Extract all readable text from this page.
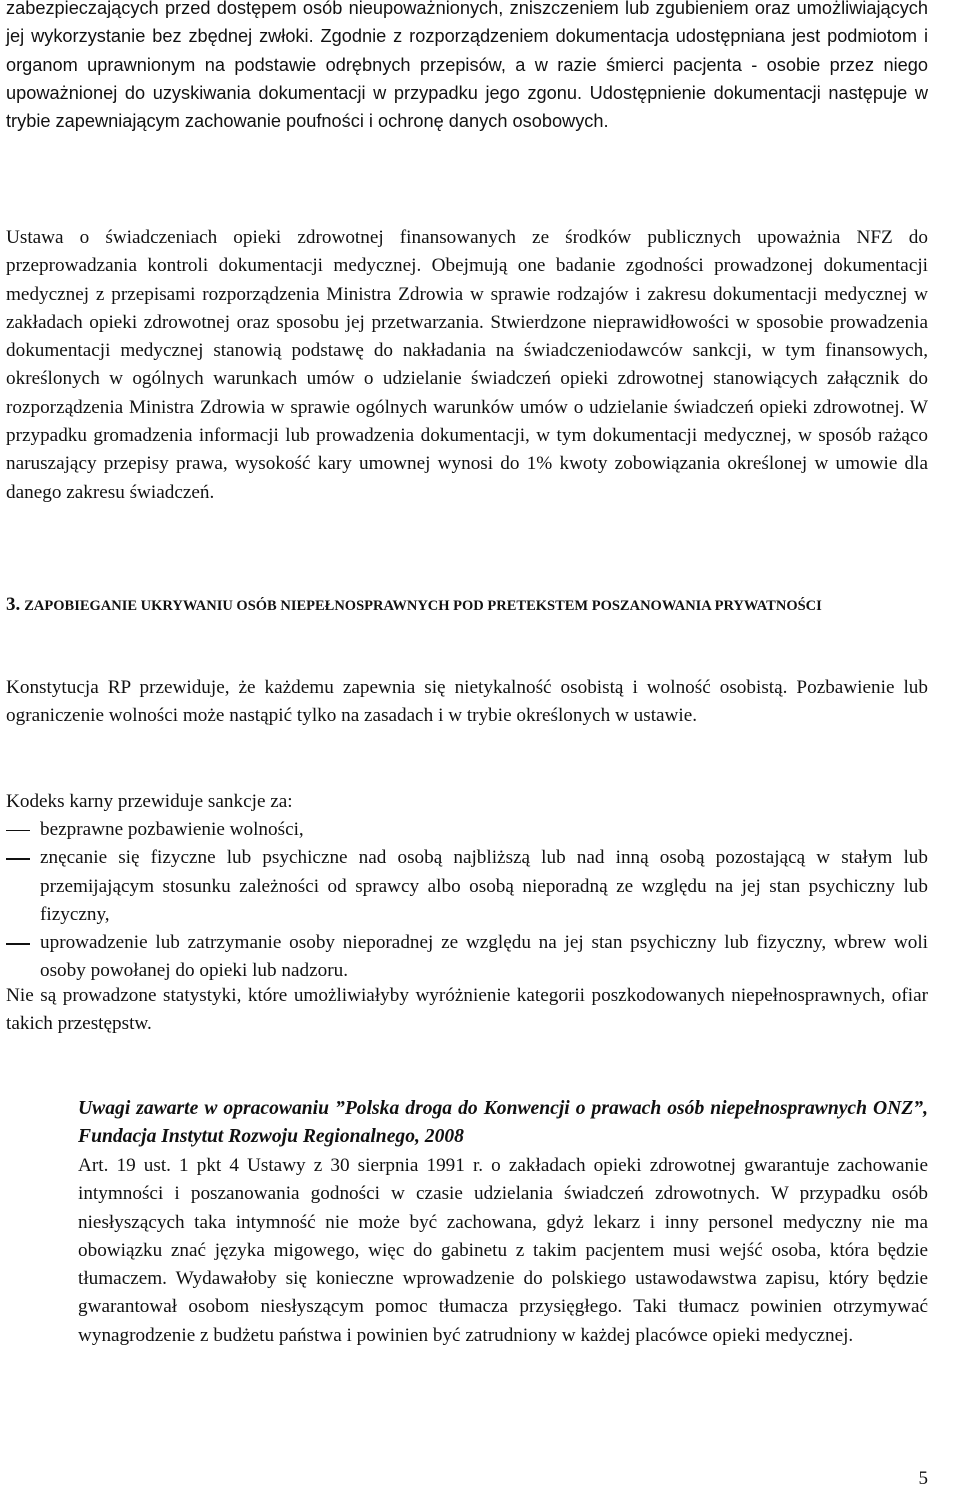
zabezpieczających przed dostępem osób nieupoważnionych, zniszczeniem lub zgubieniem oraz umożliwiających jej wykorzystanie bez zbędnej zwłoki. Zgodnie z rozporządzeniem dokumentacja udostępniana jest podmiotom i organom uprawnionym na podstawie odrębnych przepisów, a w razie śmierci pacjenta - osobie przez niego upoważnionej do uzyskiwania dokumentacji w przypadku jego zgonu. Udostępnienie dokumentacji następuje w trybie zapewniającym zachowanie poufności i ochronę danych osobowych.

Ustawa o świadczeniach opieki zdrowotnej finansowanych ze środków publicznych upoważnia NFZ do przeprowadzania kontroli dokumentacji medycznej. Obejmują one badanie zgodności prowadzonej dokumentacji medycznej z przepisami rozporządzenia Ministra Zdrowia w sprawie rodzajów i zakresu dokumentacji medycznej w zakładach opieki zdrowotnej oraz sposobu jej przetwarzania. Stwierdzone nieprawidłowości w sposobie prowadzenia dokumentacji medycznej stanowią podstawę do nakładania na świadczeniodawców sankcji, w tym finansowych, określonych w ogólnych warunkach umów o udzielanie świadczeń opieki zdrowotnej stanowiących załącznik do rozporządzenia Ministra Zdrowia w sprawie ogólnych warunków umów o udzielanie świadczeń opieki zdrowotnej. W przypadku gromadzenia informacji lub prowadzenia dokumentacji, w tym dokumentacji medycznej, w sposób rażąco naruszający przepisy prawa, wysokość kary umownej wynosi do 1% kwoty zobowiązania określonej w umowie dla danego zakresu świadczeń.

3. ZAPOBIEGANIE UKRYWANIU OSÓB NIEPEŁNOSPRAWNYCH POD PRETEKSTEM POSZANOWANIA PRYWATNOŚCI

Konstytucja RP przewiduje, że każdemu zapewnia się nietykalność osobistą i wolność osobistą. Pozbawienie lub ograniczenie wolności może nastąpić tylko na zasadach i w trybie określonych w ustawie.

Kodeks karny przewiduje sankcje za:

bezprawne pozbawienie wolności,
znęcanie się fizyczne lub psychiczne nad osobą najbliższą lub nad inną osobą pozostającą w stałym lub przemijającym stosunku zależności od sprawcy albo osobą nieporadną ze względu na jej stan psychiczny lub fizyczny,
uprowadzenie lub zatrzymanie osoby nieporadnej ze względu na jej stan psychiczny lub fizyczny, wbrew woli osoby powołanej do opieki lub nadzoru.

Nie są prowadzone statystyki, które umożliwiałyby wyróżnienie kategorii poszkodowanych niepełnosprawnych, ofiar takich przestępstw.

Uwagi zawarte w opracowaniu ”Polska droga do Konwencji o prawach osób niepełnosprawnych ONZ”, Fundacja Instytut Rozwoju Regionalnego, 2008

Art. 19 ust. 1 pkt 4 Ustawy z 30 sierpnia 1991 r. o zakładach opieki zdrowotnej gwarantuje zachowanie intymności i poszanowania godności w czasie udzielania świadczeń zdrowotnych. W przypadku osób niesłyszących taka intymność nie może być zachowana, gdyż lekarz i inny personel medyczny nie ma obowiązku znać języka migowego, więc do gabinetu z takim pacjentem musi wejść osoba, która będzie tłumaczem. Wydawałoby się konieczne wprowadzenie do polskiego ustawodawstwa zapisu, który będzie gwarantował osobom niesłyszącym pomoc tłumacza przysięgłego. Taki tłumacz powinien otrzymywać wynagrodzenie z budżetu państwa i powinien być zatrudniony w każdej placówce opieki medycznej.

5
